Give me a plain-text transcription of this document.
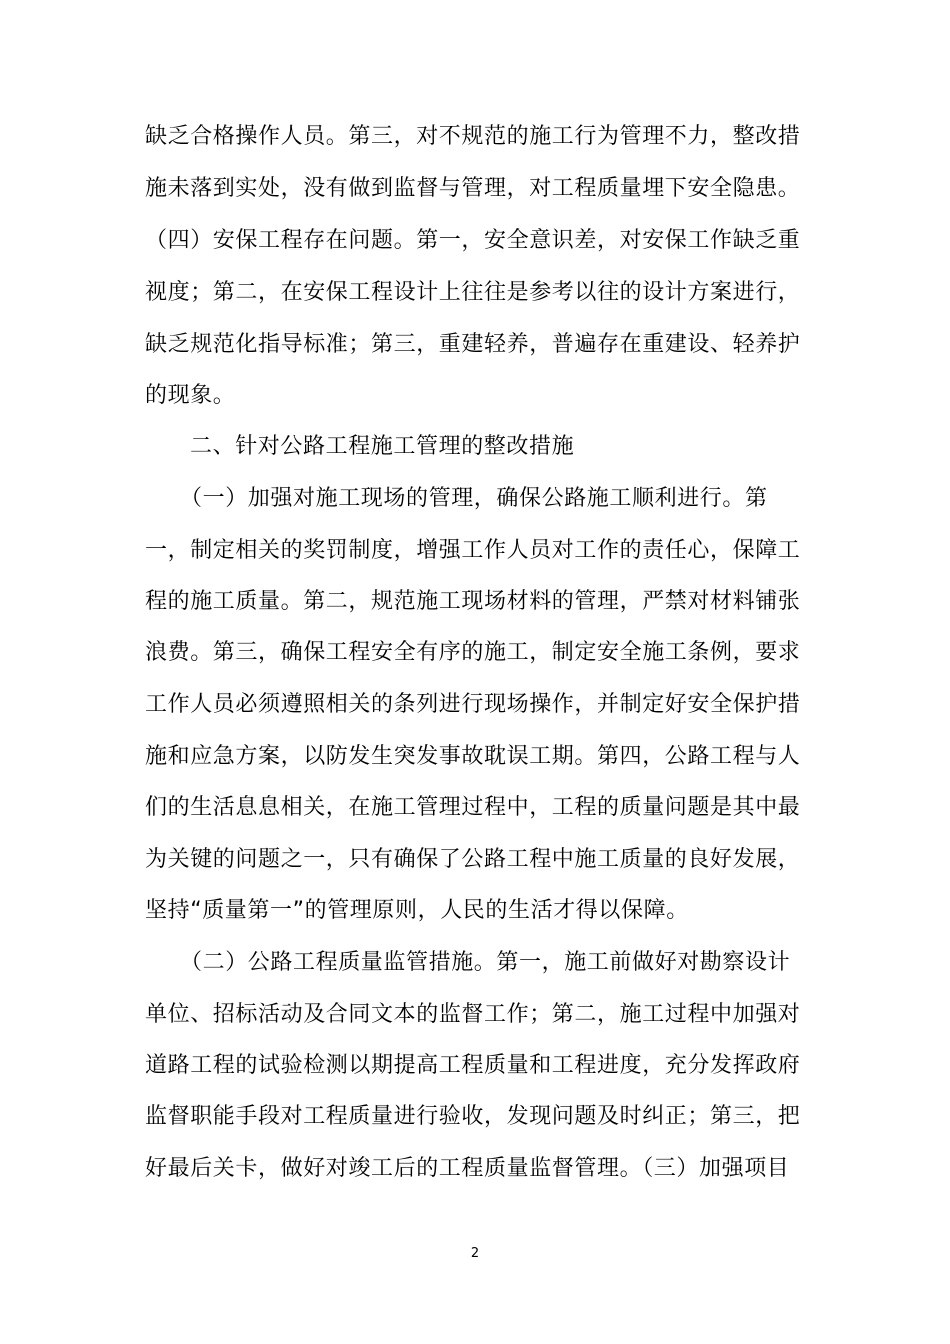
缺乏合格操作人员。第三，对不规范的施工行为管理不力，整改措
施未落到实处，没有做到监督与管理，对工程质量埋下安全隐患。
（四）安保工程存在问题。第一，安全意识差，对安保工作缺乏重
视度；第二，在安保工程设计上往往是参考以往的设计方案进行，
缺乏规范化指导标准；第三，重建轻养，普遍存在重建设、轻养护
的现象。
二、针对公路工程施工管理的整改措施
（一）加强对施工现场的管理，确保公路施工顺利进行。第
一，制定相关的奖罚制度，增强工作人员对工作的责任心，保障工
程的施工质量。第二，规范施工现场材料的管理，严禁对材料铺张
浪费。第三，确保工程安全有序的施工，制定安全施工条例，要求
工作人员必须遵照相关的条列进行现场操作，并制定好安全保护措
施和应急方案，以防发生突发事故耽误工期。第四，公路工程与人
们的生活息息相关，在施工管理过程中，工程的质量问题是其中最
为关键的问题之一，只有确保了公路工程中施工质量的良好发展，
坚持“质量第一”的管理原则，人民的生活才得以保障。
（二）公路工程质量监管措施。第一，施工前做好对勘察设计
单位、招标活动及合同文本的监督工作；第二，施工过程中加强对
道路工程的试验检测以期提高工程质量和工程进度，充分发挥政府
监督职能手段对工程质量进行验收，发现问题及时纠正；第三，把
好最后关卡，做好对竣工后的工程质量监督管理。（三）加强项目
2
